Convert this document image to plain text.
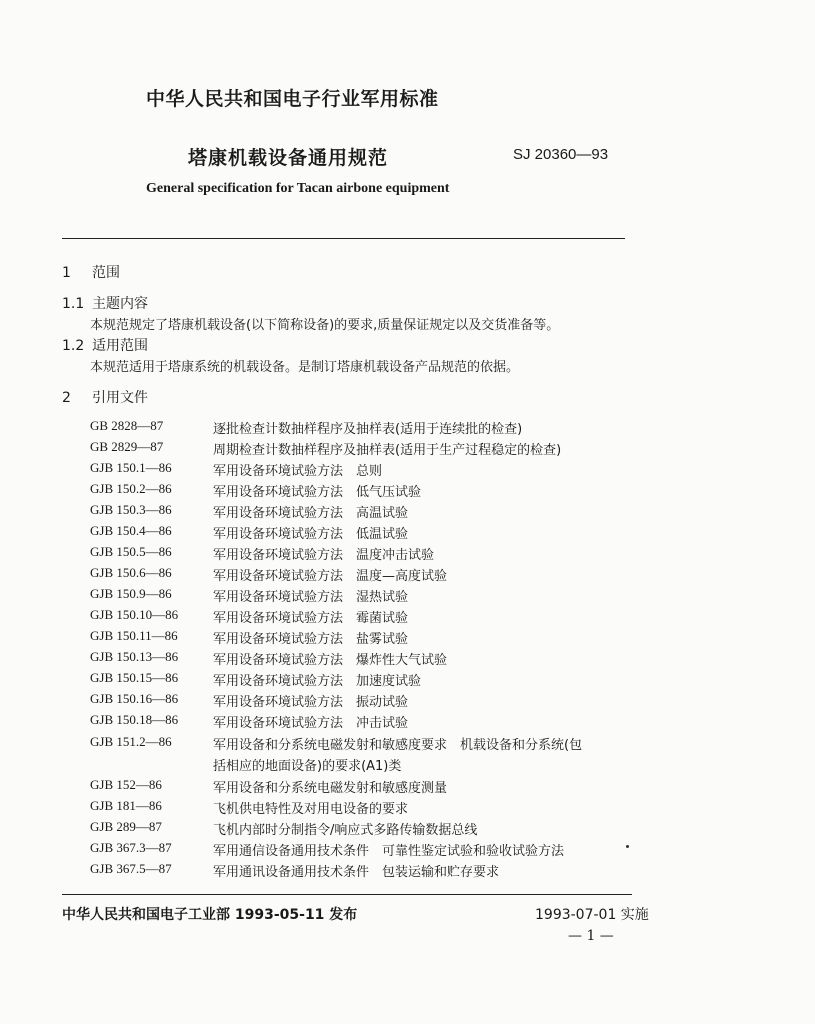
中华人民共和国电子行业军用标准
塔康机载设备通用规范	SJ 20360—93
General specification for Tacan airbone equipment
1 范围
1.1 主题内容
本规范规定了塔康机载设备(以下简称设备)的要求,质量保证规定以及交货准备等。
1.2 适用范围
本规范适用于塔康系统的机载设备。是制订塔康机载设备产品规范的依据。
2 引用文件
GB 2828—87	逐批检查计数抽样程序及抽样表(适用于连续批的检查)
GB 2829—87	周期检查计数抽样程序及抽样表(适用于生产过程稳定的检查)
GJB 150.1—86	军用设备环境试验方法　总则
GJB 150.2—86	军用设备环境试验方法　低气压试验
GJB 150.3—86	军用设备环境试验方法　高温试验
GJB 150.4—86	军用设备环境试验方法　低温试验
GJB 150.5—86	军用设备环境试验方法　温度冲击试验
GJB 150.6—86	军用设备环境试验方法　温度—高度试验
GJB 150.9—86	军用设备环境试验方法　湿热试验
GJB 150.10—86	军用设备环境试验方法　霉菌试验
GJB 150.11—86	军用设备环境试验方法　盐雾试验
GJB 150.13—86	军用设备环境试验方法　爆炸性大气试验
GJB 150.15—86	军用设备环境试验方法　加速度试验
GJB 150.16—86	军用设备环境试验方法　振动试验
GJB 150.18—86	军用设备环境试验方法　冲击试验
GJB 151.2—86	军用设备和分系统电磁发射和敏感度要求　机载设备和分系统(包
括相应的地面设备)的要求(A1)类
GJB 152—86	军用设备和分系统电磁发射和敏感度测量
GJB 181—86	飞机供电特性及对用电设备的要求
GJB 289—87	飞机内部时分制指令/响应式多路传输数据总线
GJB 367.3—87	军用通信设备通用技术条件　可靠性鉴定试验和验收试验方法
GJB 367.5—87	军用通讯设备通用技术条件　包装运输和贮存要求
中华人民共和国电子工业部 1993-05-11 发布	1993-07-01 实施
— 1 —
